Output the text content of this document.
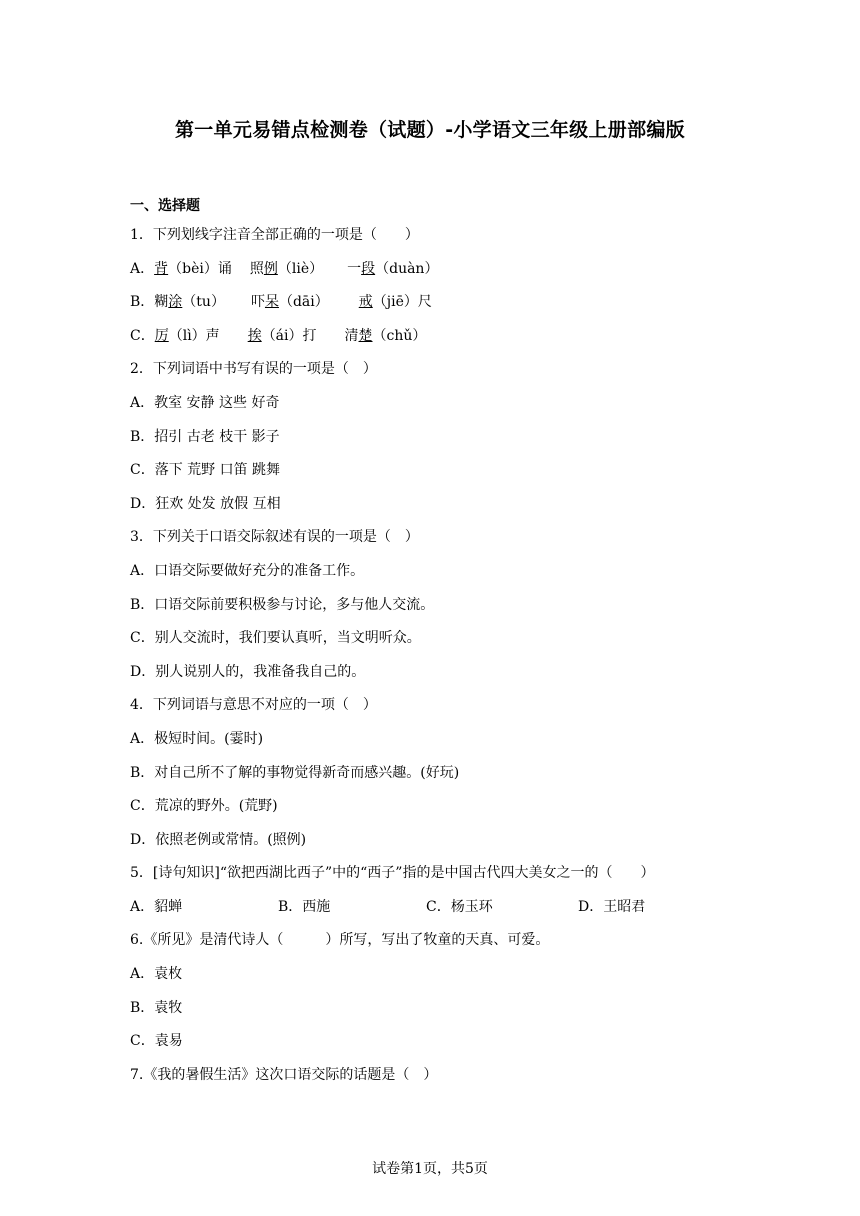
第一单元易错点检测卷（试题）-小学语文三年级上册部编版
一、选择题
1．下列划线字注音全部正确的一项是（　　）
A．背（bèi）诵 照例（liè） 一段（duàn）
B．糊涂（tu） 吓呆（dāi） 戒（jiē）尺
C．厉（lì）声 挨（ái）打 清楚（chǔ）
2．下列词语中书写有误的一项是（　）
A．教室 安静 这些 好奇
B．招引 古老 枝干 影子
C．落下 荒野 口笛 跳舞
D．狂欢 处发 放假 互相
3．下列关于口语交际叙述有误的一项是（　）
A．口语交际要做好充分的准备工作。
B．口语交际前要积极参与讨论，多与他人交流。
C．别人交流时，我们要认真听，当文明听众。
D．别人说别人的，我准备我自己的。
4．下列词语与意思不对应的一项（　）
A．极短时间。(霎时)
B．对自己所不了解的事物觉得新奇而感兴趣。(好玩)
C．荒凉的野外。(荒野)
D．依照老例或常情。(照例)
5．[诗句知识]“欲把西湖比西子”中的“西子”指的是中国古代四大美女之一的（　　）
A．貂蝉	B．西施	C．杨玉环	D．王昭君
6.《所见》是清代诗人（　　　）所写，写出了牧童的天真、可爱。
A．袁枚
B．袁牧
C．袁易
7.《我的暑假生活》这次口语交际的话题是（　）
试卷第1页，共5页
